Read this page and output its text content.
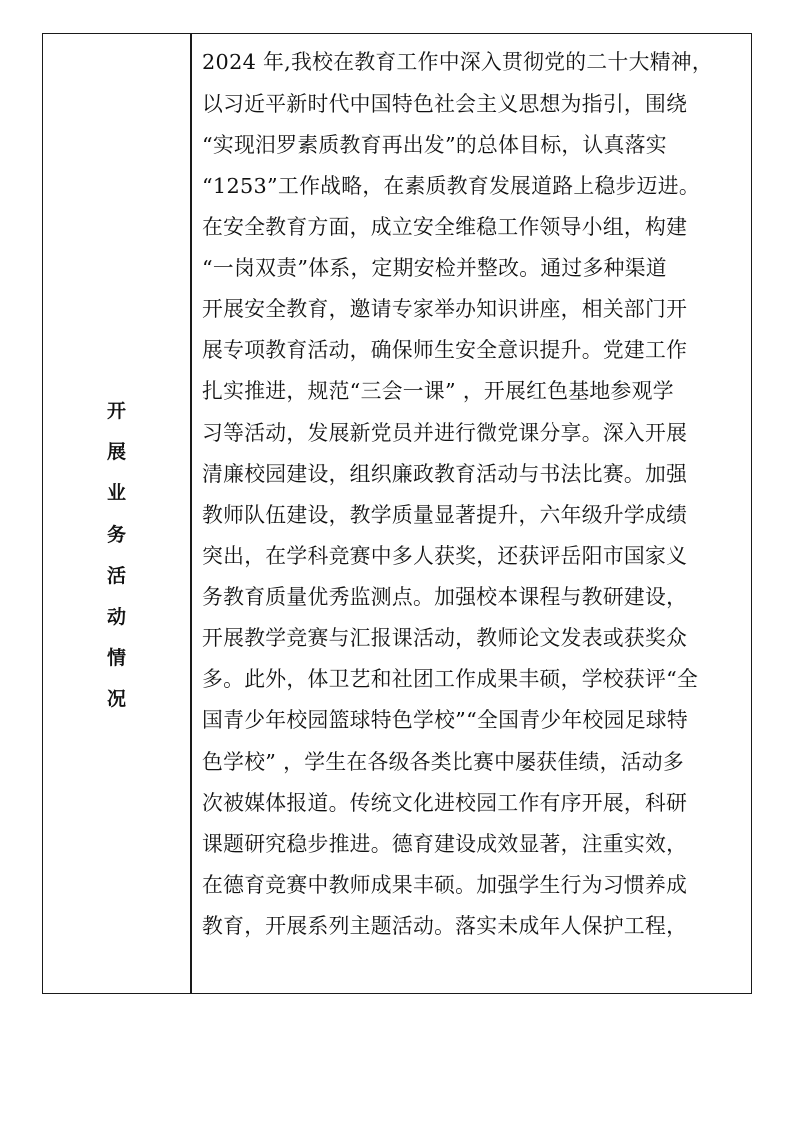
开
展
业
务
活
动
情
况
2024 年,我校在教育工作中深入贯彻党的二十大精神，
以习近平新时代中国特色社会主义思想为指引，围绕
“实现汨罗素质教育再出发”的总体目标，认真落实
“1253”工作战略，在素质教育发展道路上稳步迈进。
在安全教育方面，成立安全维稳工作领导小组，构建
“一岗双责”体系，定期安检并整改。通过多种渠道
开展安全教育，邀请专家举办知识讲座，相关部门开
展专项教育活动，确保师生安全意识提升。党建工作
扎实推进，规范“三会一课” ，开展红色基地参观学
习等活动，发展新党员并进行微党课分享。深入开展
清廉校园建设，组织廉政教育活动与书法比赛。加强
教师队伍建设，教学质量显著提升，六年级升学成绩
突出，在学科竞赛中多人获奖，还获评岳阳市国家义
务教育质量优秀监测点。加强校本课程与教研建设，
开展教学竞赛与汇报课活动，教师论文发表或获奖众
多。此外，体卫艺和社团工作成果丰硕，学校获评“全
国青少年校园篮球特色学校”“全国青少年校园足球特
色学校” ，学生在各级各类比赛中屡获佳绩，活动多
次被媒体报道。传统文化进校园工作有序开展，科研
课题研究稳步推进。德育建设成效显著，注重实效，
在德育竞赛中教师成果丰硕。加强学生行为习惯养成
教育，开展系列主题活动。落实未成年人保护工程，
